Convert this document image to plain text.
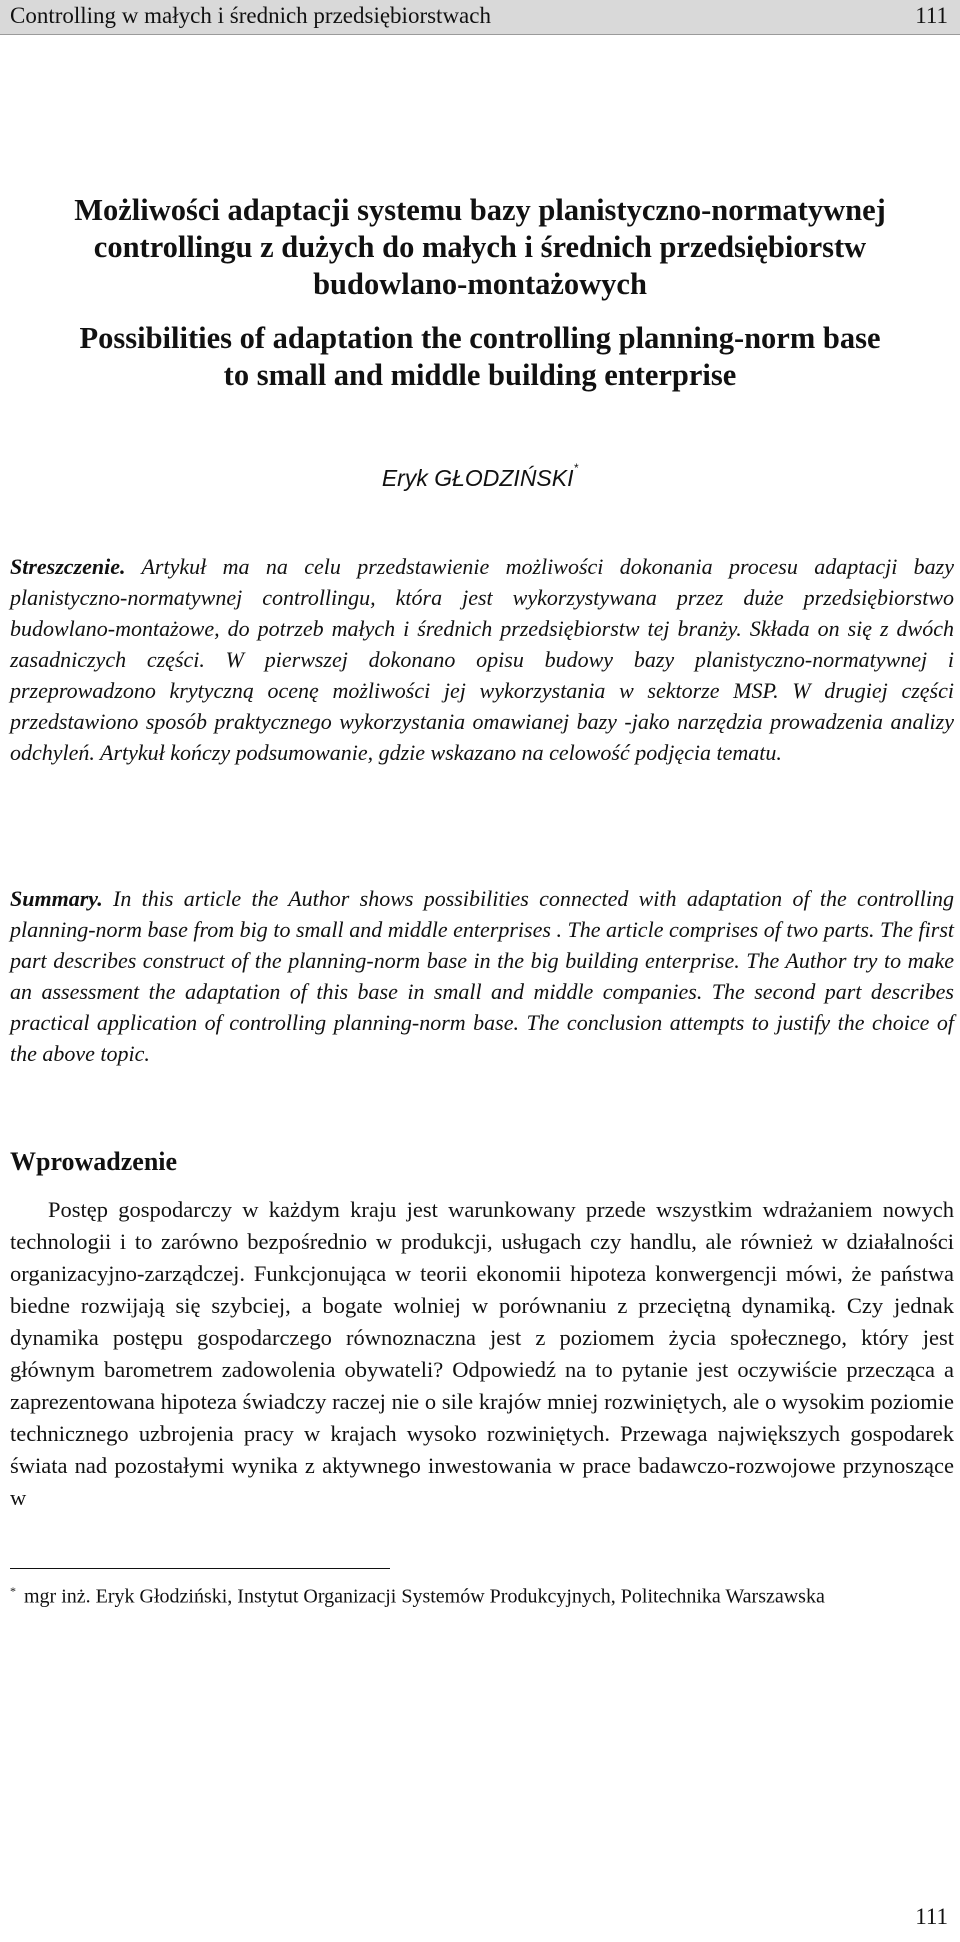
Controlling w małych i średnich przedsiębiorstwach	111
Możliwości adaptacji systemu bazy planistyczno-normatywnej
controllingu z dużych do małych i średnich przedsiębiorstw
budowlano-montażowych
Possibilities of adaptation the controlling planning-norm base
to small and middle building enterprise
Eryk GŁODZIŃSKI*

Streszczenie. Artykuł ma na celu przedstawienie możliwości dokonania procesu adaptacji bazy planistyczno-normatywnej controllingu, która jest wykorzystywana przez duże przedsiębiorstwo budowlano-montażowe, do potrzeb małych i średnich przedsiębiorstw tej branży. Składa on się z dwóch zasadniczych części. W pierwszej dokonano opisu budowy bazy planistyczno-normatywnej i przeprowadzono krytyczną ocenę możliwości jej wykorzystania w sektorze MSP. W drugiej części przedstawiono sposób praktycznego wykorzystania omawianej bazy -jako narzędzia prowadzenia analizy odchyleń. Artykuł kończy podsumowanie, gdzie wskazano na celowość podjęcia tematu.

Summary. In this article the Author shows possibilities connected with adaptation of the controlling planning-norm base from big to small and middle enterprises . The article comprises of two parts. The first part describes construct of the planning-norm base in the big building enterprise. The Author try to make an assessment the adaptation of this base in small and middle companies. The second part describes practical application of controlling planning-norm base. The conclusion attempts to justify the choice of the above topic.

Wprowadzenie

Postęp gospodarczy w każdym kraju jest warunkowany przede wszystkim wdrażaniem nowych technologii i to zarówno bezpośrednio w produkcji, usługach czy handlu, ale również w działalności organizacyjno-zarządczej. Funkcjonująca w teorii ekonomii hipoteza konwergencji mówi, że państwa biedne rozwijają się szybciej, a bogate wolniej w porównaniu z przeciętną dynamiką. Czy jednak dynamika postępu gospodarczego równoznaczna jest z poziomem życia społecznego, który jest głównym barometrem zadowolenia obywateli? Odpowiedź na to pytanie jest oczywiście przecząca a zaprezentowana hipoteza świadczy raczej nie o sile krajów mniej rozwiniętych, ale o wysokim poziomie technicznego uzbrojenia pracy w krajach wysoko rozwiniętych. Przewaga największych gospodarek świata nad pozostałymi wynika z aktywnego inwestowania w prace badawczo-rozwojowe przynoszące w

* mgr inż. Eryk Głodziński, Instytut Organizacji Systemów Produkcyjnych, Politechnika Warszawska

111
